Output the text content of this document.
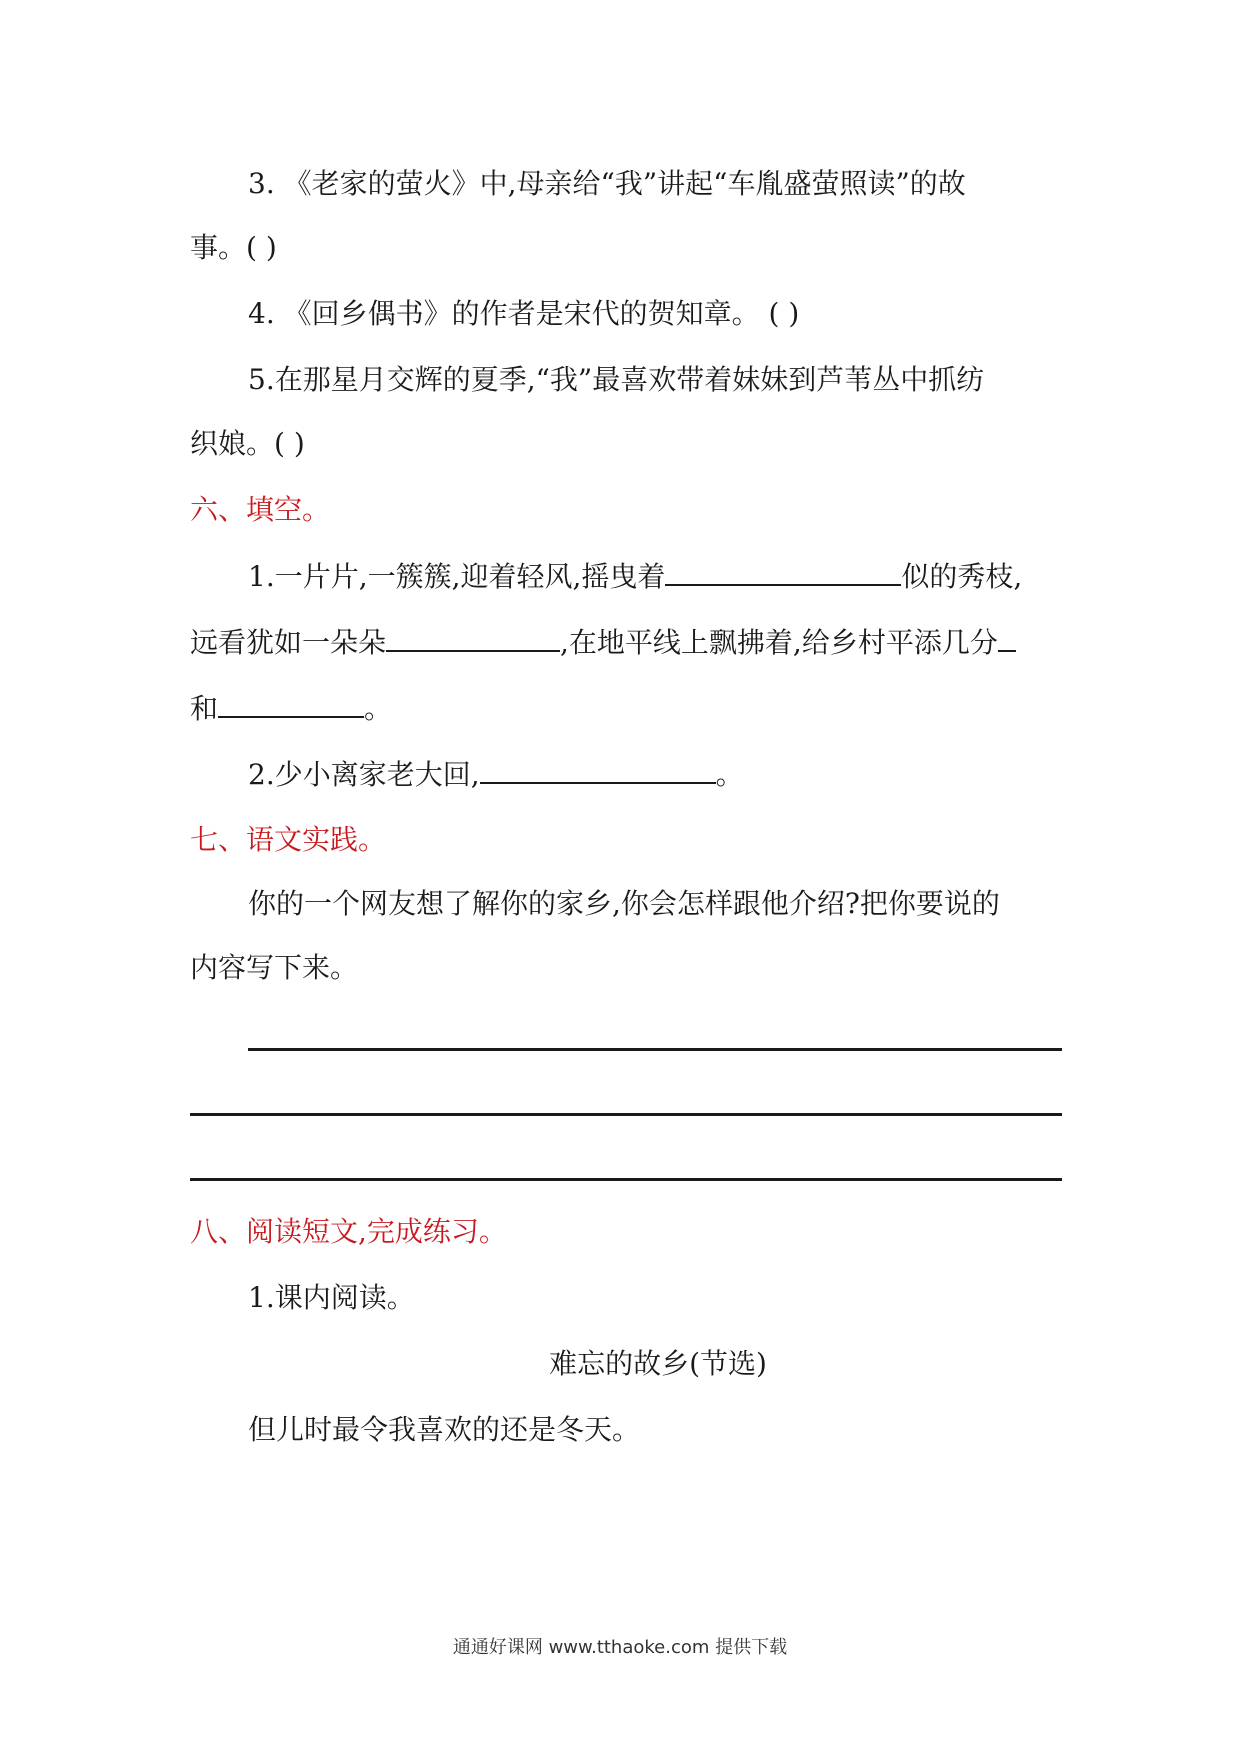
3. 《老家的萤火》中,母亲给“我”讲起“车胤盛萤照读”的故
事。( )
4. 《回乡偶书》的作者是宋代的贺知章。 ( )
5.在那星月交辉的夏季,“我”最喜欢带着妹妹到芦苇丛中抓纺
织娘。( )
六、填空。
1.一片片,一簇簇,迎着轻风,摇曳着	似的秀枝,
远看犹如一朵朵	,在地平线上飘拂着,给乡村平添几分
和	。
2.少小离家老大回,	。
七、语文实践。
你的一个网友想了解你的家乡,你会怎样跟他介绍?把你要说的
内容写下来。
八、阅读短文,完成练习。
1.课内阅读。
难忘的故乡(节选)
但儿时最令我喜欢的还是冬天。
通通好课网 www.tthaoke.com 提供下载
